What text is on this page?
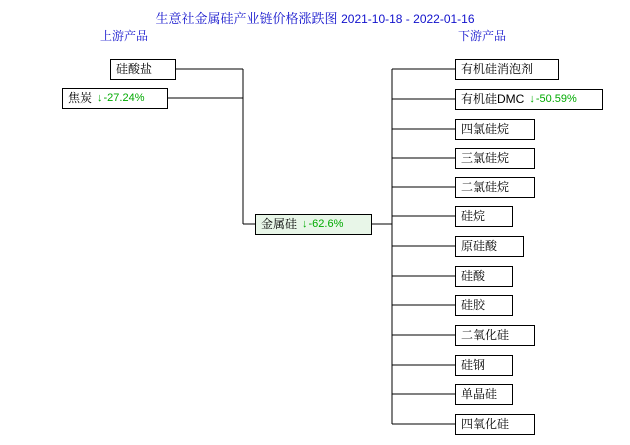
生意社金属硅产业链价格涨跌图 2021-10-18 - 2022-01-16
上游产品	下游产品
硅酸盐
焦炭	↓ -27.24%
金属硅	↓ -62.6%
有机硅消泡剂
有机硅DMC	↓ -50.59%
四氯硅烷
三氯硅烷
二氯硅烷
硅烷
原硅酸
硅酸
硅胶
二氧化硅
硅钢
单晶硅
四氧化硅
